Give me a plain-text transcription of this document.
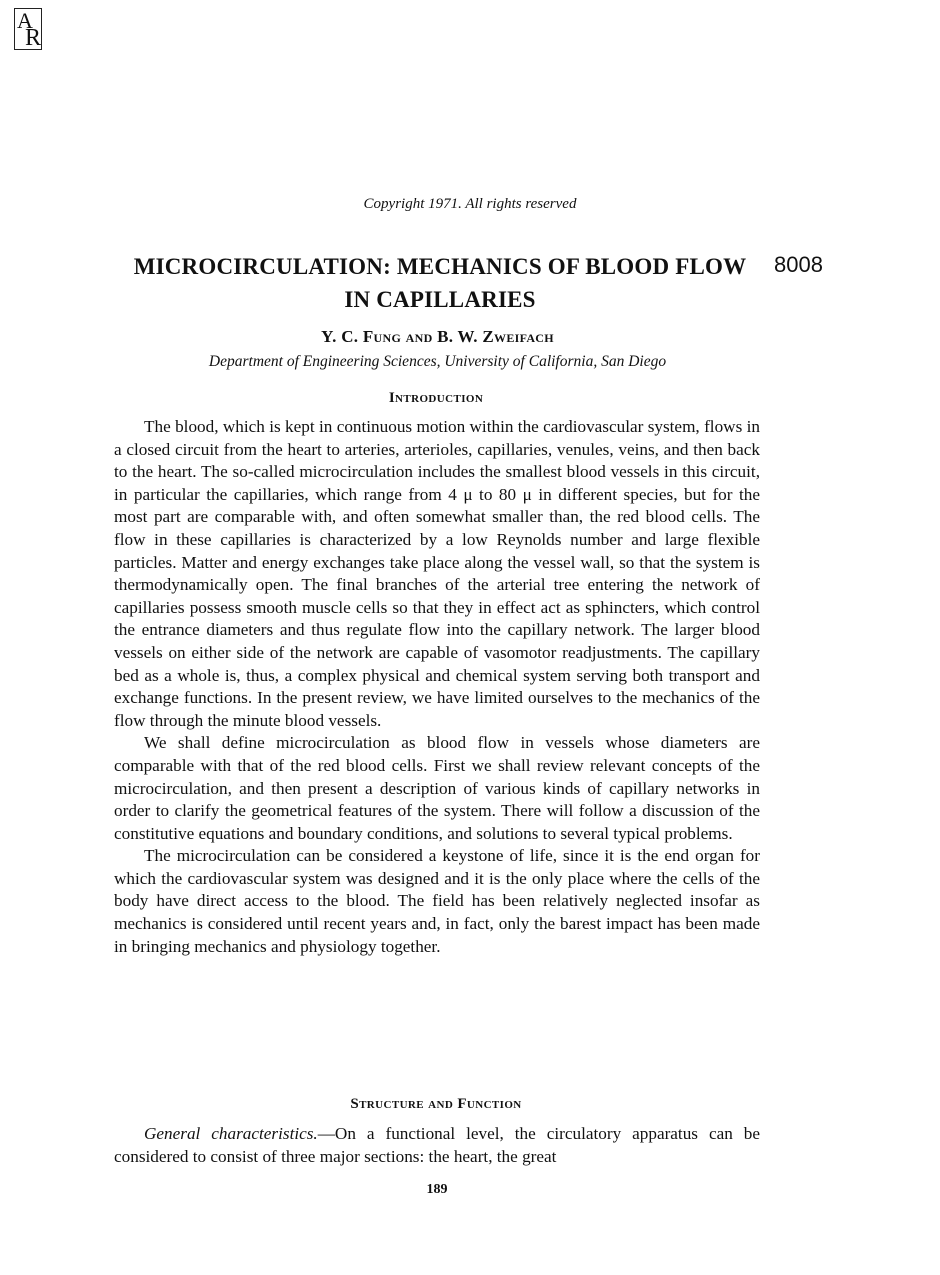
A
R
Copyright 1971. All rights reserved
MICROCIRCULATION: MECHANICS OF BLOOD FLOW IN CAPILLARIES
8008
Y. C. Fung and B. W. Zweifach
Department of Engineering Sciences, University of California, San Diego
Introduction

The blood, which is kept in continuous motion within the cardiovascular system, flows in a closed circuit from the heart to arteries, arterioles, capillaries, venules, veins, and then back to the heart. The so-called microcirculation includes the smallest blood vessels in this circuit, in particular the capillaries, which range from 4 μ to 80 μ in different species, but for the most part are comparable with, and often somewhat smaller than, the red blood cells. The flow in these capillaries is characterized by a low Reynolds number and large flexible particles. Matter and energy exchanges take place along the vessel wall, so that the system is thermodynamically open. The final branches of the arterial tree entering the network of capillaries possess smooth muscle cells so that they in effect act as sphincters, which control the entrance diameters and thus regulate flow into the capillary network. The larger blood vessels on either side of the network are capable of vasomotor readjustments. The capillary bed as a whole is, thus, a complex physical and chemical system serving both transport and exchange functions. In the present review, we have limited ourselves to the mechanics of the flow through the minute blood vessels.

We shall define microcirculation as blood flow in vessels whose diameters are comparable with that of the red blood cells. First we shall review relevant concepts of the microcirculation, and then present a description of various kinds of capillary networks in order to clarify the geometrical features of the system. There will follow a discussion of the constitutive equations and boundary conditions, and solutions to several typical problems.

The microcirculation can be considered a keystone of life, since it is the end organ for which the cardiovascular system was designed and it is the only place where the cells of the body have direct access to the blood. The field has been relatively neglected insofar as mechanics is considered until recent years and, in fact, only the barest impact has been made in bringing mechanics and physiology together.

Structure and Function

General characteristics.—On a functional level, the circulatory apparatus can be considered to consist of three major sections: the heart, the great

189
